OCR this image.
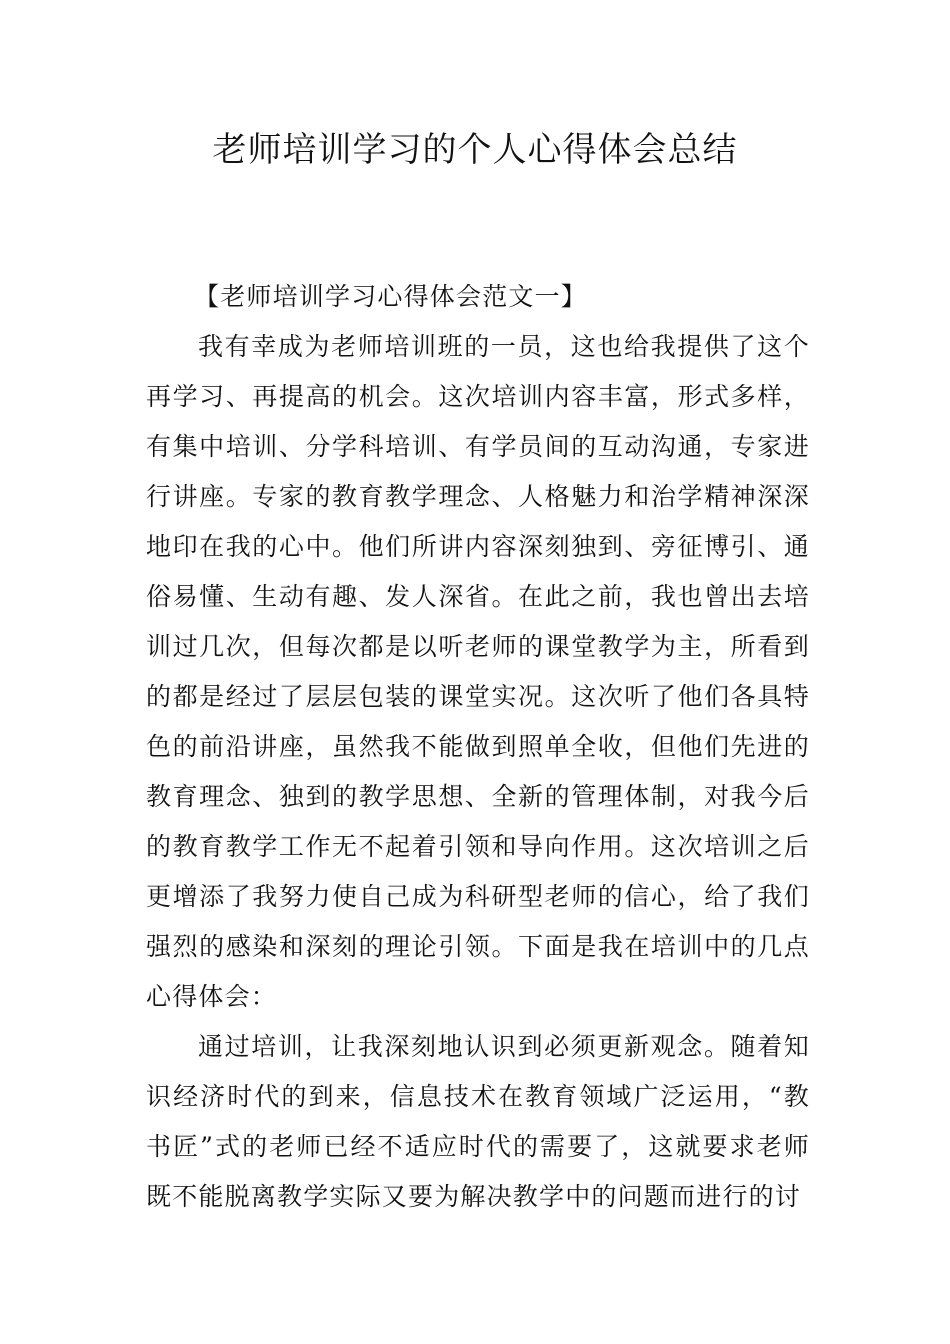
老师培训学习的个人心得体会总结

【老师培训学习心得体会范文一】

我有幸成为老师培训班的一员，这也给我提供了这个再学习、再提高的机会。这次培训内容丰富，形式多样，有集中培训、分学科培训、有学员间的互动沟通，专家进行讲座。专家的教育教学理念、人格魅力和治学精神深深地印在我的心中。他们所讲内容深刻独到、旁征博引、通俗易懂、生动有趣、发人深省。在此之前，我也曾出去培训过几次，但每次都是以听老师的课堂教学为主，所看到的都是经过了层层包装的课堂实况。这次听了他们各具特色的前沿讲座，虽然我不能做到照单全收，但他们先进的教育理念、独到的教学思想、全新的管理体制，对我今后的教育教学工作无不起着引领和导向作用。这次培训之后更增添了我努力使自己成为科研型老师的信心，给了我们强烈的感染和深刻的理论引领。下面是我在培训中的几点心得体会：

通过培训，让我深刻地认识到必须更新观念。随着知识经济时代的到来，信息技术在教育领域广泛运用，“教书匠”式的老师已经不适应时代的需要了，这就要求老师既不能脱离教学实际又要为解决教学中的问题而进行的讨
